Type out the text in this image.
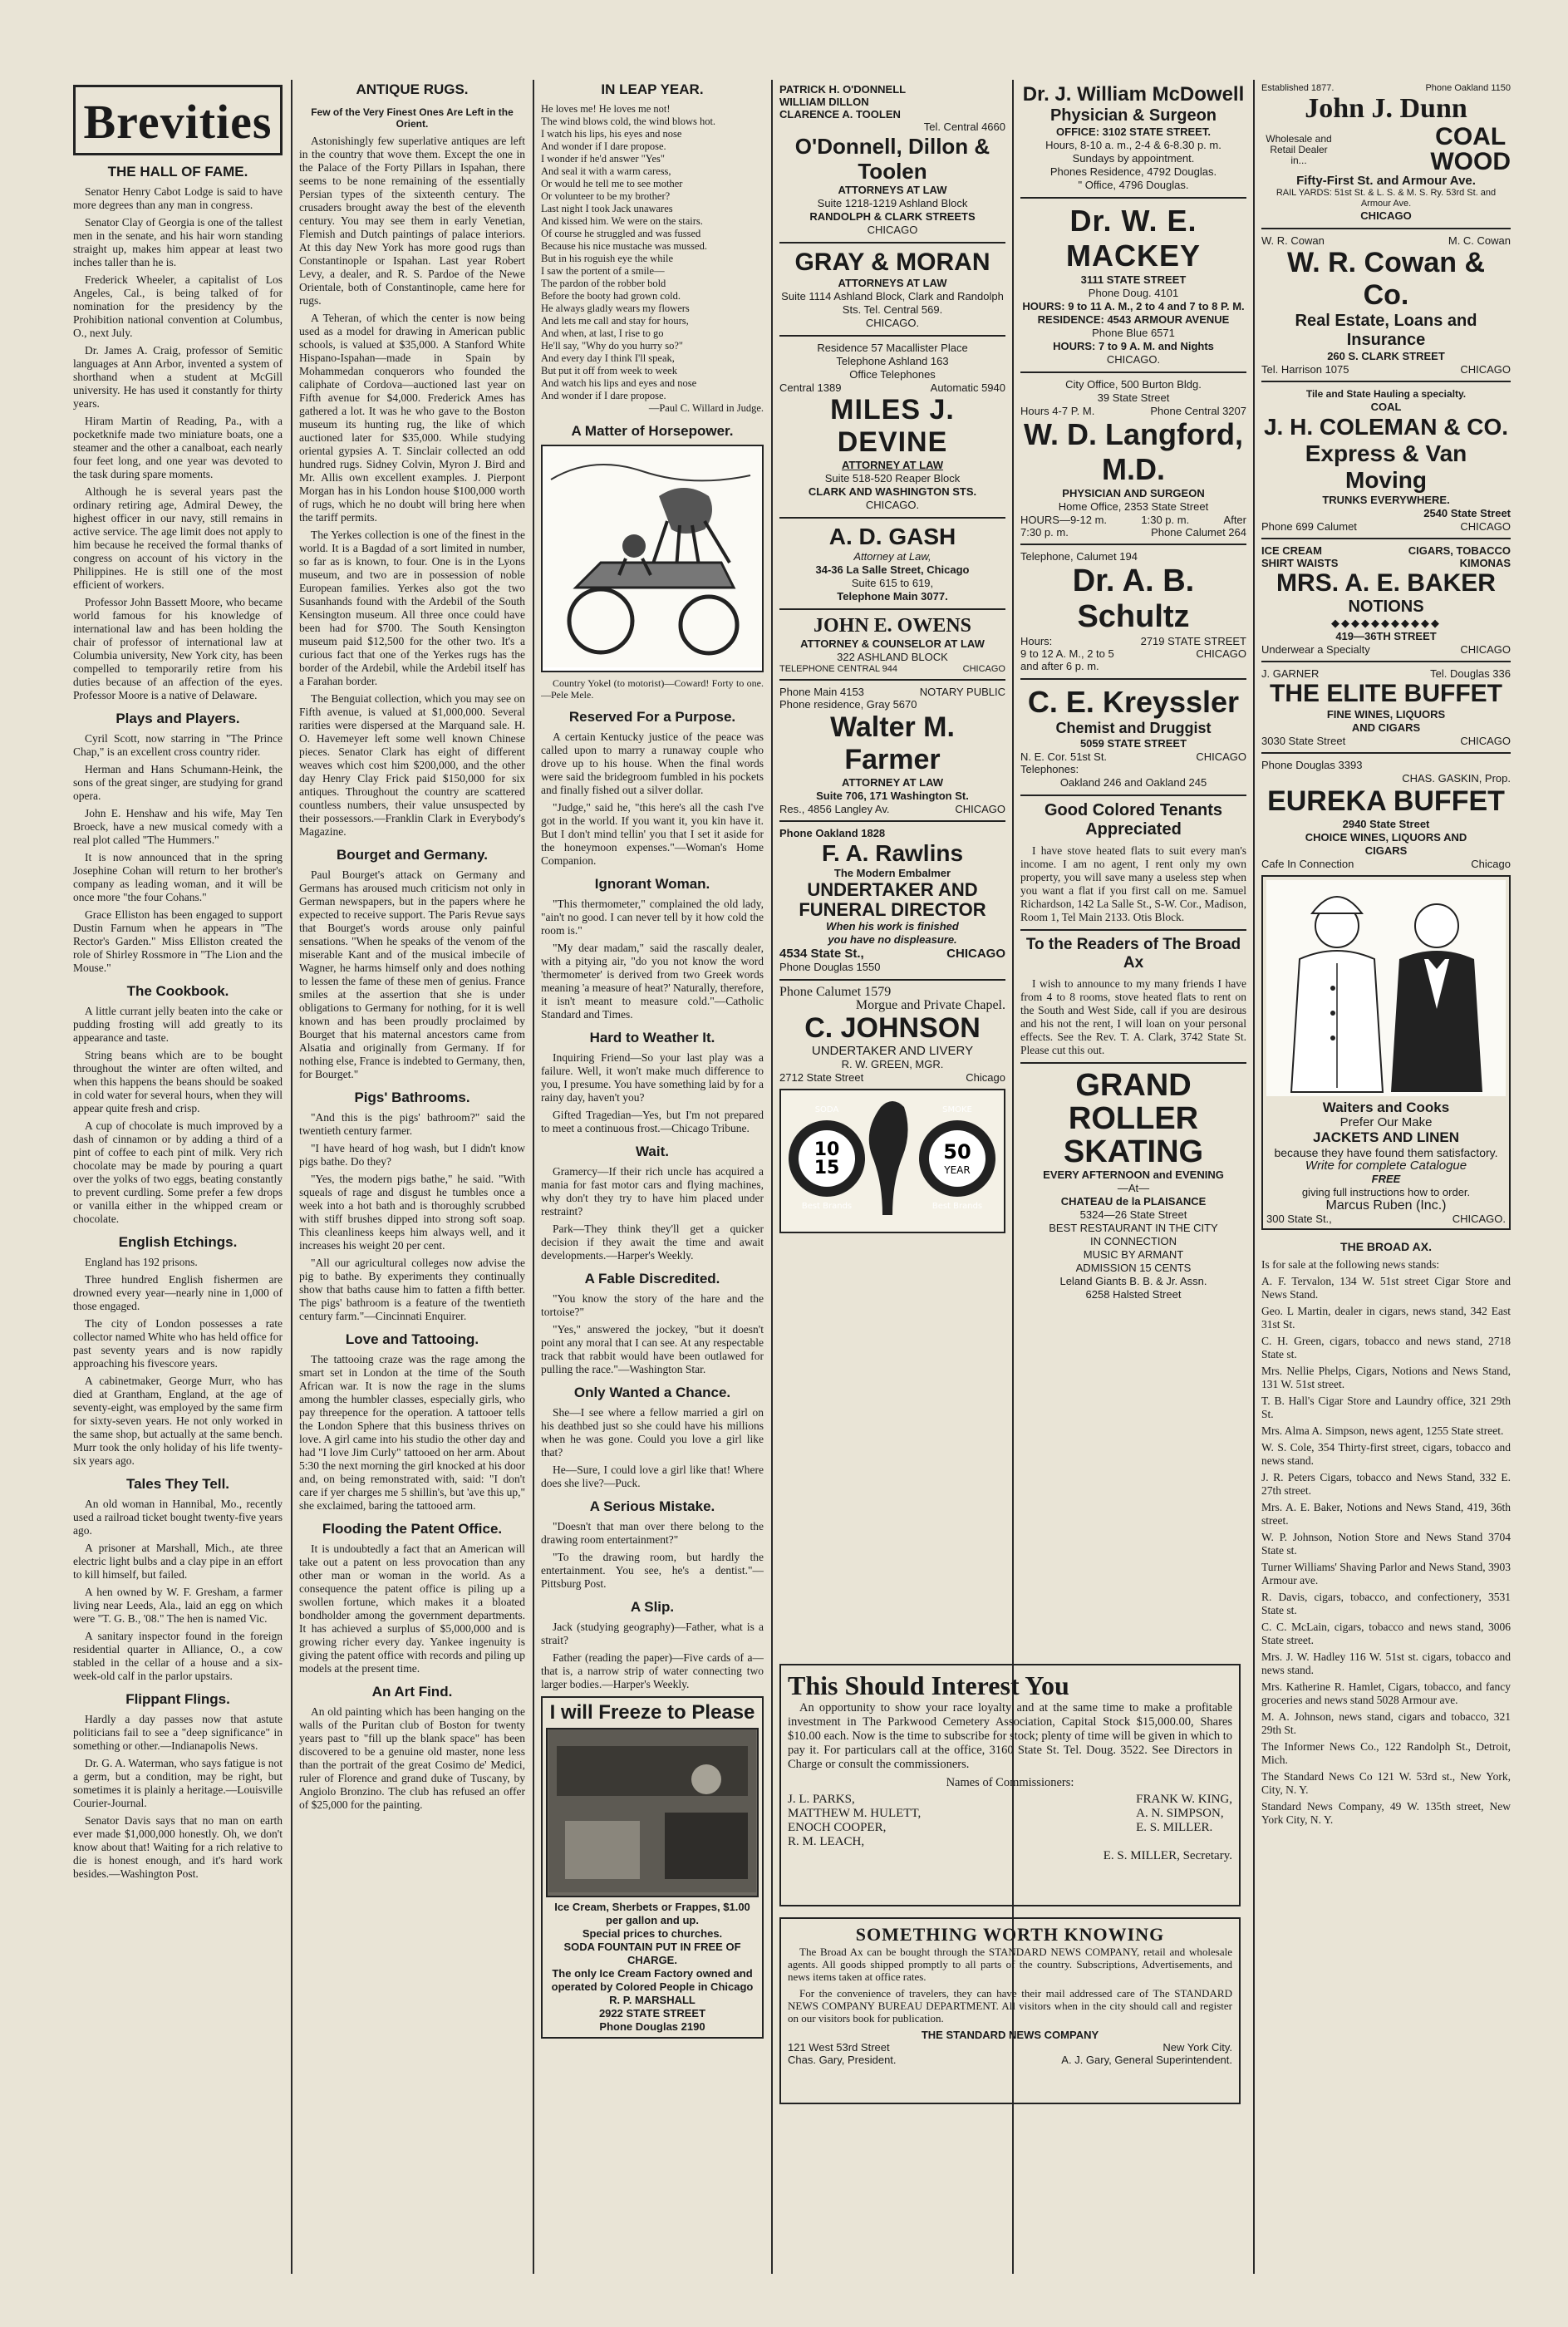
Brevities
THE HALL OF FAME.

Senator Henry Cabot Lodge is said to have more degrees than any man in congress.

Senator Clay of Georgia is one of the tallest men in the senate, and his hair worn standing straight up, makes him appear at least two inches taller than he is.

Frederick Wheeler, a capitalist of Los Angeles, Cal., is being talked of for nomination for the presidency by the Prohibition national convention at Columbus, O., next July.

Dr. James A. Craig, professor of Semitic languages at Ann Arbor, invented a system of shorthand when a student at McGill university. He has used it constantly for thirty years.

Hiram Martin of Reading, Pa., with a pocketknife made two miniature boats, one a steamer and the other a canalboat, each nearly four feet long, and one year was devoted to the task during spare moments.

Although he is several years past the ordinary retiring age, Admiral Dewey, the highest officer in our navy, still remains in active service. The age limit does not apply to him because he received the formal thanks of congress on account of his victory in the Philippines. He is still one of the most efficient of workers.

Professor John Bassett Moore, who became world famous for his knowledge of international law and has been holding the chair of professor of international law at Columbia university, New York city, has been compelled to temporarily retire from his duties because of an affection of the eyes. Professor Moore is a native of Delaware.

Plays and Players.

Cyril Scott, now starring in "The Prince Chap," is an excellent cross country rider.

Herman and Hans Schumann-Heink, the sons of the great singer, are studying for grand opera.

John E. Henshaw and his wife, May Ten Broeck, have a new musical comedy with a real plot called "The Hummers."

It is now announced that in the spring Josephine Cohan will return to her brother's company as leading woman, and it will be once more "the four Cohans."

Grace Elliston has been engaged to support Dustin Farnum when he appears in "The Rector's Garden." Miss Elliston created the role of Shirley Rossmore in "The Lion and the Mouse."

The Cookbook.

A little currant jelly beaten into the cake or pudding frosting will add greatly to its appearance and taste.

String beans which are to be bought throughout the winter are often wilted, and when this happens the beans should be soaked in cold water for several hours, when they will appear quite fresh and crisp.

A cup of chocolate is much improved by a dash of cinnamon or by adding a third of a pint of coffee to each pint of milk. Very rich chocolate may be made by pouring a quart over the yolks of two eggs, beating constantly to prevent curdling. Some prefer a few drops or vanilla either in the whipped cream or chocolate.

English Etchings.

England has 192 prisons.

Three hundred English fishermen are drowned every year—nearly nine in 1,000 of those engaged.

The city of London possesses a rate collector named White who has held office for past seventy years and is now rapidly approaching his fivescore years.

A cabinetmaker, George Murr, who has died at Grantham, England, at the age of seventy-eight, was employed by the same firm for sixty-seven years. He not only worked in the same shop, but actually at the same bench. Murr took the only holiday of his life twenty-six years ago.

Tales They Tell.

An old woman in Hannibal, Mo., recently used a railroad ticket bought twenty-five years ago.

A prisoner at Marshall, Mich., ate three electric light bulbs and a clay pipe in an effort to kill himself, but failed.

A hen owned by W. F. Gresham, a farmer living near Leeds, Ala., laid an egg on which were "T. G. B., '08." The hen is named Vic.

A sanitary inspector found in the foreign residential quarter in Alliance, O., a cow stabled in the cellar of a house and a six-week-old calf in the parlor upstairs.

Flippant Flings.

Hardly a day passes now that astute politicians fail to see a "deep significance" in something or other.—Indianapolis News.

Dr. G. A. Waterman, who says fatigue is not a germ, but a condition, may be right, but sometimes it is plainly a heritage.—Louisville Courier-Journal.

Senator Davis says that no man on earth ever made $1,000,000 honestly. Oh, we don't know about that! Waiting for a rich relative to die is honest enough, and it's hard work besides.—Washington Post.

ANTIQUE RUGS.
Few of the Very Finest Ones Are Left in the Orient.

Astonishingly few superlative antiques are left in the country that wove them. Except the one in the Palace of the Forty Pillars in Ispahan, there seems to be none remaining of the essentially Persian types of the sixteenth century. The crusaders brought away the best of the eleventh century. You may see them in early Venetian, Flemish and Dutch paintings of palace interiors. At this day New York has more good rugs than Constantinople or Ispahan. Last year Robert Levy, a dealer, and R. S. Pardoe of the Newe Orientale, both of Constantinople, came here for rugs.

A Teheran, of which the center is now being used as a model for drawing in American public schools, is valued at $35,000. A Stanford White Hispano-Ispahan—made in Spain by Mohammedan conquerors who founded the caliphate of Cordova—auctioned last year on Fifth avenue for $4,000. Frederick Ames has gathered a lot. It was he who gave to the Boston museum its hunting rug, the like of which auctioned later for $35,000. While studying oriental gypsies A. T. Sinclair collected an odd hundred rugs. Sidney Colvin, Myron J. Bird and Mr. Allis own excellent examples. J. Pierpont Morgan has in his London house $100,000 worth of rugs, which he no doubt will bring here when the tariff permits.

The Yerkes collection is one of the finest in the world. It is a Bagdad of a sort limited in number, so far as is known, to four. One is in the Lyons museum, and two are in possession of noble European families. Yerkes also got the two Susanhands found with the Ardebil of the South Kensington museum. All three once could have been had for $700. The South Kensington museum paid $12,500 for the other two. It's a curious fact that one of the Yerkes rugs has the border of the Ardebil, while the Ardebil itself has a Farahan border.

The Benguiat collection, which you may see on Fifth avenue, is valued at $1,000,000. Several rarities were dispersed at the Marquand sale. H. O. Havemeyer left some well known Chinese pieces. Senator Clark has eight of different weaves which cost him $200,000, and the other day Henry Clay Frick paid $150,000 for six antiques. Throughout the country are scattered countless numbers, their value unsuspected by their possessors.—Franklin Clark in Everybody's Magazine.

Bourget and Germany.

Paul Bourget's attack on Germany and Germans has aroused much criticism not only in German newspapers, but in the papers where he expected to receive support. The Paris Revue says that Bourget's words arouse only painful sensations. "When he speaks of the venom of the miserable Kant and of the musical imbecile of Wagner, he harms himself only and does nothing to lessen the fame of these men of genius. France smiles at the assertion that she is under obligations to Germany for nothing, for it is well known and has been proudly proclaimed by Bourget that his maternal ancestors came from Alsatia and originally from Germany. If for nothing else, France is indebted to Germany, then, for Bourget."

Pigs' Bathrooms.

"And this is the pigs' bathroom?" said the twentieth century farmer.

"I have heard of hog wash, but I didn't know pigs bathe. Do they?

"Yes, the modern pigs bathe," he said. "With squeals of rage and disgust he tumbles once a week into a hot bath and is thoroughly scrubbed with stiff brushes dipped into strong soft soap. This cleanliness keeps him always well, and it increases his weight 20 per cent.

"All our agricultural colleges now advise the pig to bathe. By experiments they continually show that baths cause him to fatten a fifth better. The pigs' bathroom is a feature of the twentieth century farm."—Cincinnati Enquirer.

Love and Tattooing.

The tattooing craze was the rage among the smart set in London at the time of the South African war. It is now the rage in the slums among the humbler classes, especially girls, who pay threepence for the operation. A tattooer tells the London Sphere that this business thrives on love. A girl came into his studio the other day and had "I love Jim Curly" tattooed on her arm. About 5:30 the next morning the girl knocked at his door and, on being remonstrated with, said: "I don't care if yer charges me 5 shillin's, but 'ave this up," she exclaimed, baring the tattooed arm.

Flooding the Patent Office.

It is undoubtedly a fact that an American will take out a patent on less provocation than any other man or woman in the world. As a consequence the patent office is piling up a swollen fortune, which makes it a bloated bondholder among the government departments. It has achieved a surplus of $5,000,000 and is growing richer every day. Yankee ingenuity is giving the patent office with records and piling up models at the present time.

An Art Find.

An old painting which has been hanging on the walls of the Puritan club of Boston for twenty years past to "fill up the blank space" has been discovered to be a genuine old master, none less than the portrait of the great Cosimo de' Medici, ruler of Florence and grand duke of Tuscany, by Angiolo Bronzino. The club has refused an offer of $25,000 for the painting.

IN LEAP YEAR.
He loves me! He loves me not!
The wind blows cold, the wind blows hot.
I watch his lips, his eyes and nose
And wonder if I dare propose.
I wonder if he'd answer "Yes"
And seal it with a warm caress,
Or would he tell me to see mother
Or volunteer to be my brother?
Last night I took Jack unawares
And kissed him. We were on the stairs.
Of course he struggled and was fussed
Because his nice mustache was mussed.
But in his roguish eye the while
I saw the portent of a smile—
The pardon of the robber bold
Before the booty had grown cold.
He always gladly wears my flowers
And lets me call and stay for hours,
And when, at last, I rise to go
He'll say, "Why do you hurry so?"
And every day I think I'll speak,
But put it off from week to week
And watch his lips and eyes and nose
And wonder if I dare propose.
—Paul C. Willard in Judge.
A Matter of Horsepower.

Country Yokel (to motorist)—Coward! Forty to one.—Pele Mele.

Reserved For a Purpose.

A certain Kentucky justice of the peace was called upon to marry a runaway couple who drove up to his house. When the final words were said the bridegroom fumbled in his pockets and finally fished out a silver dollar.

"Judge," said he, "this here's all the cash I've got in the world. If you want it, you kin have it. But I don't mind tellin' you that I set it aside for the honeymoon expenses."—Woman's Home Companion.

Ignorant Woman.

"This thermometer," complained the old lady, "ain't no good. I can never tell by it how cold the room is."

"My dear madam," said the rascally dealer, with a pitying air, "do you not know the word 'thermometer' is derived from two Greek words meaning 'a measure of heat?' Naturally, therefore, it isn't meant to measure cold."—Catholic Standard and Times.

Hard to Weather It.

Inquiring Friend—So your last play was a failure. Well, it won't make much difference to you, I presume. You have something laid by for a rainy day, haven't you?

Gifted Tragedian—Yes, but I'm not prepared to meet a continuous frost.—Chicago Tribune.

Wait.

Gramercy—If their rich uncle has acquired a mania for fast motor cars and flying machines, why don't they try to have him placed under restraint?

Park—They think they'll get a quicker decision if they await the time and await developments.—Harper's Weekly.

A Fable Discredited.

"You know the story of the hare and the tortoise?"

"Yes," answered the jockey, "but it doesn't point any moral that I can see. At any respectable track that rabbit would have been outlawed for pulling the race."—Washington Star.

Only Wanted a Chance.

She—I see where a fellow married a girl on his deathbed just so she could have his millions when he was gone. Could you love a girl like that?

He—Sure, I could love a girl like that! Where does she live?—Puck.

A Serious Mistake.

"Doesn't that man over there belong to the drawing room entertainment?"

"To the drawing room, but hardly the entertainment. You see, he's a dentist."—Pittsburg Post.

A Slip.

Jack (studying geography)—Father, what is a strait?

Father (reading the paper)—Five cards of a—that is, a narrow strip of water connecting two larger bodies.—Harper's Weekly.

I will Freeze to Please
Ice Cream, Sherbets or Frappes, $1.00 per gallon and up.
Special prices to churches.
SODA FOUNTAIN PUT IN FREE OF CHARGE.
The only Ice Cream Factory owned and operated by Colored People in Chicago
R. P. MARSHALL
2922 STATE STREET
Phone Douglas 2190
PATRICK H. O'DONNELL
WILLIAM DILLON
CLARENCE A. TOOLEN
Tel. Central 4660
O'Donnell, Dillon & Toolen
ATTORNEYS AT LAW
Suite 1218-1219 Ashland Block
RANDOLPH & CLARK STREETS
CHICAGO
GRAY & MORAN
ATTORNEYS AT LAW
Suite 1114 Ashland Block, Clark and Randolph Sts. Tel. Central 569.
CHICAGO.
Residence 57 Macallister Place
Telephone Ashland 163
Office Telephones
Central 1389	Automatic 5940
MILES J. DEVINE
ATTORNEY AT LAW
Suite 518-520 Reaper Block
CLARK AND WASHINGTON STS.
CHICAGO.
A. D. GASH
Attorney at Law,
34-36 La Salle Street, Chicago
Suite 615 to 619,
Telephone Main 3077.
JOHN E. OWENS
ATTORNEY & COUNSELOR AT LAW
322 ASHLAND BLOCK
TELEPHONE CENTRAL 944	CHICAGO
Phone Main 4153	NOTARY PUBLIC
Phone residence, Gray 5670
Walter M. Farmer
ATTORNEY AT LAW
Suite 706, 171 Washington St.
Res., 4856 Langley Av.	CHICAGO
Phone Oakland 1828
F. A. Rawlins
The Modern Embalmer
UNDERTAKER AND
FUNERAL DIRECTOR
When his work is finished
you have no displeasure.
4534 State St.,	CHICAGO
Phone Douglas 1550
Phone Calumet 1579
Morgue and Private Chapel.
C. JOHNSON
UNDERTAKER AND LIVERY
R. W. GREEN, MGR.
2712 State Street	Chicago
SODA
10
15
Best Brands
SMOKE
50
YEAR
Best Brands
This Should Interest You

An opportunity to show your race loyalty and at the same time to make a profitable investment in The Parkwood Cemetery Association, Capital Stock $15,000.00, Shares $10.00 each. Now is the time to subscribe for stock; plenty of time will be given in which to pay it. For particulars call at the office, 3160 State St. Tel. Doug. 3522. See Directors in Charge or consult the commissioners.

Names of Commissioners:
J. L. PARKS,
MATTHEW M. HULETT,
ENOCH COOPER,
R. M. LEACH,
FRANK W. KING,
A. N. SIMPSON,
E. S. MILLER.
E. S. MILLER, Secretary.
SOMETHING WORTH KNOWING

The Broad Ax can be bought through the STANDARD NEWS COMPANY, retail and wholesale agents. All goods shipped promptly to all parts of the country. Subscriptions, Advertisements, and news items taken at office rates.

For the convenience of travelers, they can have their mail addressed care of The STANDARD NEWS COMPANY BUREAU DEPARTMENT. All visitors when in the city should call and register on our visitors book for publication.

THE STANDARD NEWS COMPANY
121 West 53rd Street	New York City.
Chas. Gary, President.	A. J. Gary, General Superintendent.
Dr. J. William McDowell
Physician & Surgeon
OFFICE: 3102 STATE STREET.
Hours, 8-10 a. m., 2-4 & 6-8.30 p. m.
Sundays by appointment.
Phones Residence, 4792 Douglas.
" Office, 4796 Douglas.
Dr. W. E. MACKEY
3111 STATE STREET
Phone Doug. 4101
HOURS: 9 to 11 A. M., 2 to 4 and 7 to 8 P. M.
RESIDENCE: 4543 ARMOUR AVENUE
Phone Blue 6571
HOURS: 7 to 9 A. M. and Nights
CHICAGO.
City Office, 500 Burton Bldg.
39 State Street
Hours 4-7 P. M.	Phone Central 3207
W. D. Langford, M.D.
PHYSICIAN AND SURGEON
Home Office, 2353 State Street
HOURS—9-12 m.	1:30 p. m.	After
7:30 p. m.	Phone Calumet 264
Telephone, Calumet 194
Dr. A. B. Schultz
Hours:	2719 STATE STREET
9 to 12 A. M., 2 to 5	CHICAGO
and after 6 p. m.
C. E. Kreyssler
Chemist and Druggist
5059 STATE STREET
N. E. Cor. 51st St.	CHICAGO
Telephones:
Oakland 246 and Oakland 245
Good Colored Tenants Appreciated

I have stove heated flats to suit every man's income. I am no agent, I rent only my own property, you will save many a useless step when you want a flat if you first call on me. Samuel Richardson, 142 La Salle St., S-W. Cor., Madison, Room 1, Tel Main 2133. Otis Block.

To the Readers of The Broad Ax

I wish to announce to my many friends I have from 4 to 8 rooms, stove heated flats to rent on the South and West Side, call if you are desirous and his not the rent, I will loan on your personal effects. See the Rev. T. A. Clark, 3742 State St. Please cut this out.

GRAND
ROLLER
SKATING
EVERY AFTERNOON and EVENING
—At—
CHATEAU de la PLAISANCE
5324—26 State Street
BEST RESTAURANT IN THE CITY
IN CONNECTION
MUSIC BY ARMANT
ADMISSION 15 CENTS
Leland Giants B. B. & Jr. Assn.
6258 Halsted Street
Established 1877.	Phone Oakland 1150
John J. Dunn
Wholesale and Retail Dealer in...
COAL
WOOD
Fifty-First St. and Armour Ave.
RAIL YARDS: 51st St. & L. S. & M. S. Ry. 53rd St. and Armour Ave.
CHICAGO
W. R. Cowan	M. C. Cowan
W. R. Cowan & Co.
Real Estate, Loans and
Insurance
260 S. CLARK STREET
Tel. Harrison 1075	CHICAGO
Tile and State Hauling a specialty.
COAL
J. H. COLEMAN & CO.
Express & Van Moving
TRUNKS EVERYWHERE.
2540 State Street
Phone 699 Calumet	CHICAGO
ICE CREAM	CIGARS, TOBACCO
SHIRT WAISTS	KIMONAS
MRS. A. E. BAKER
NOTIONS
◆◆◆◆◆◆◆◆◆◆◆
419—36TH STREET
Underwear a Specialty	CHICAGO
J. GARNER	Tel. Douglas 336
THE ELITE BUFFET
FINE WINES, LIQUORS
AND CIGARS
3030 State Street	CHICAGO
Phone Douglas 3393
CHAS. GASKIN, Prop.
EUREKA BUFFET
2940 State Street
CHOICE WINES, LIQUORS AND
CIGARS
Cafe In Connection	Chicago
Waiters and Cooks
Prefer Our Make
JACKETS AND LINEN
because they have found them satisfactory.
Write for complete Catalogue
FREE
giving full instructions how to order.
Marcus Ruben (Inc.)
300 State St.,	CHICAGO.
THE BROAD AX.

Is for sale at the following news stands:

A. F. Tervalon, 134 W. 51st street Cigar Store and News Stand.

Geo. L Martin, dealer in cigars, news stand, 342 East 31st St.

C. H. Green, cigars, tobacco and news stand, 2718 State st.

Mrs. Nellie Phelps, Cigars, Notions and News Stand, 131 W. 51st street.

T. B. Hall's Cigar Store and Laundry office, 321 29th St.

Mrs. Alma A. Simpson, news agent, 1255 State street.

W. S. Cole, 354 Thirty-first street, cigars, tobacco and news stand.

J. R. Peters Cigars, tobacco and News Stand, 332 E. 27th street.

Mrs. A. E. Baker, Notions and News Stand, 419, 36th street.

W. P. Johnson, Notion Store and News Stand 3704 State st.

Turner Williams' Shaving Parlor and News Stand, 3903 Armour ave.

R. Davis, cigars, tobacco, and confectionery, 3531 State st.

C. C. McLain, cigars, tobacco and news stand, 3006 State street.

Mrs. J. W. Hadley 116 W. 51st st. cigars, tobacco and news stand.

Mrs. Katherine R. Hamlet, Cigars, tobacco, and fancy groceries and news stand 5028 Armour ave.

M. A. Johnson, news stand, cigars and tobacco, 321 29th St.

The Informer News Co., 122 Randolph St., Detroit, Mich.

The Standard News Co 121 W. 53rd st., New York, City, N. Y.

Standard News Company, 49 W. 135th street, New York City, N. Y.
